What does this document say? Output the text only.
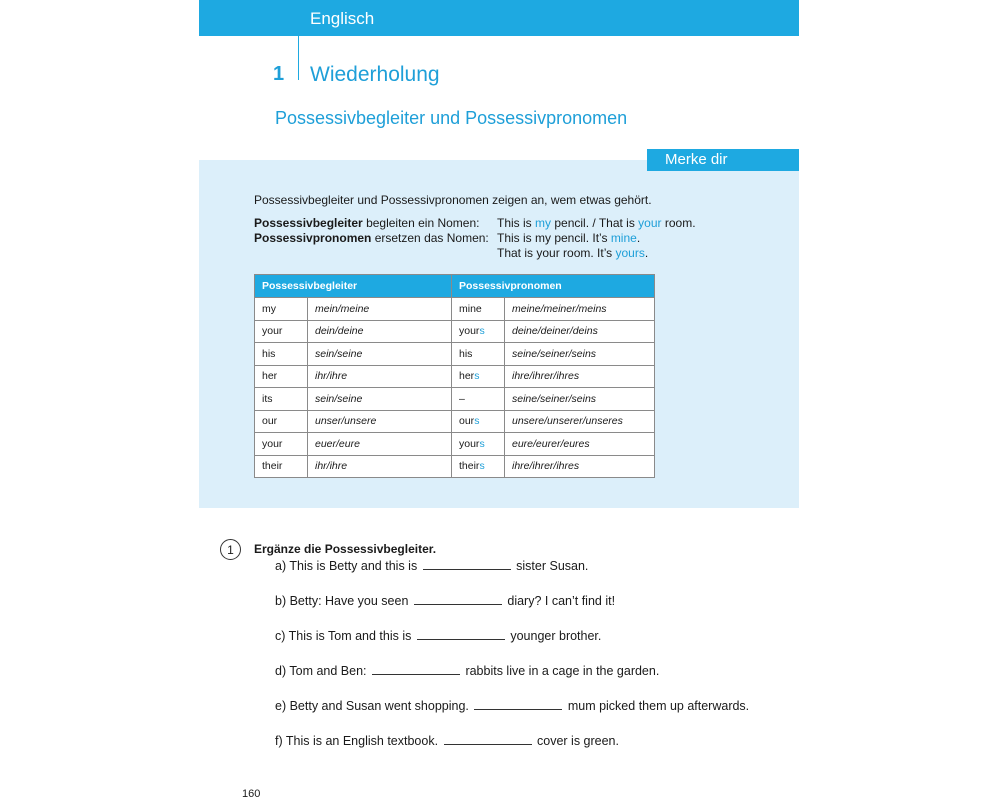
Englisch
1 Wiederholung
Possessivbegleiter und Possessivpronomen
Merke dir
Possessivbegleiter und Possessivpronomen zeigen an, wem etwas gehört.
Possessivbegleiter begleiten ein Nomen:
Possessivpronomen ersetzen das Nomen:
This is my pencil. / That is your room.
This is my pencil. It’s mine.
That is your room. It’s yours.
Possessivbegleiter		Possessivpronomen	
my	mein/meine	mine	meine/meiner/meins
your	dein/deine	yours	deine/deiner/deins
his	sein/seine	his	seine/seiner/seins
her	ihr/ihre	hers	ihre/ihrer/ihres
its	sein/seine	–	seine/seiner/seins
our	unser/unsere	ours	unsere/unserer/unseres
your	euer/eure	yours	eure/eurer/eures
their	ihr/ihre	theirs	ihre/ihrer/ihres
1	Ergänze die Possessivbegleiter.
a) This is Betty and this is	sister Susan.
b) Betty: Have you seen	diary? I can’t find it!
c) This is Tom and this is	younger brother.
d) Tom and Ben:	rabbits live in a cage in the garden.
e) Betty and Susan went shopping.	mum picked them up afterwards.
f) This is an English textbook.	cover is green.
160
